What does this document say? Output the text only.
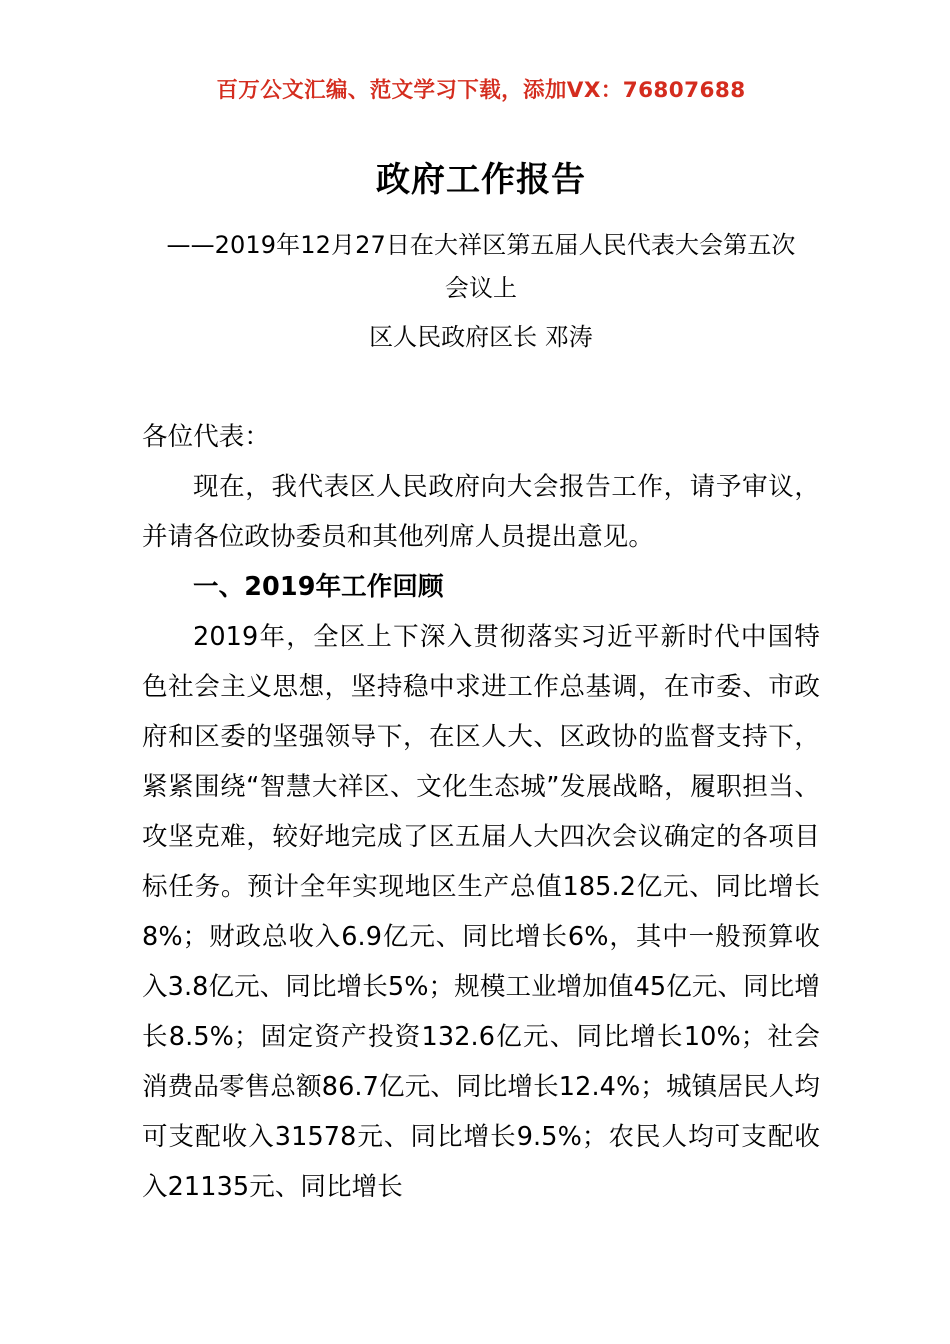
百万公文汇编、范文学习下载，添加VX：76807688
政府工作报告
——2019年12月27日在大祥区第五届人民代表大会第五次
会议上
区人民政府区长 邓涛

各位代表：

现在，我代表区人民政府向大会报告工作，请予审议，并请各位政协委员和其他列席人员提出意见。

一、2019年工作回顾

2019年，全区上下深入贯彻落实习近平新时代中国特色社会主义思想，坚持稳中求进工作总基调，在市委、市政府和区委的坚强领导下，在区人大、区政协的监督支持下，紧紧围绕“智慧大祥区、文化生态城”发展战略，履职担当、攻坚克难，较好地完成了区五届人大四次会议确定的各项目标任务。预计全年实现地区生产总值185.2亿元、同比增长8%；财政总收入6.9亿元、同比增长6%，其中一般预算收入3.8亿元、同比增长5%；规模工业增加值45亿元、同比增长8.5%；固定资产投资132.6亿元、同比增长10%；社会消费品零售总额86.7亿元、同比增长12.4%；城镇居民人均可支配收入31578元、同比增长9.5%；农民人均可支配收入21135元、同比增长
